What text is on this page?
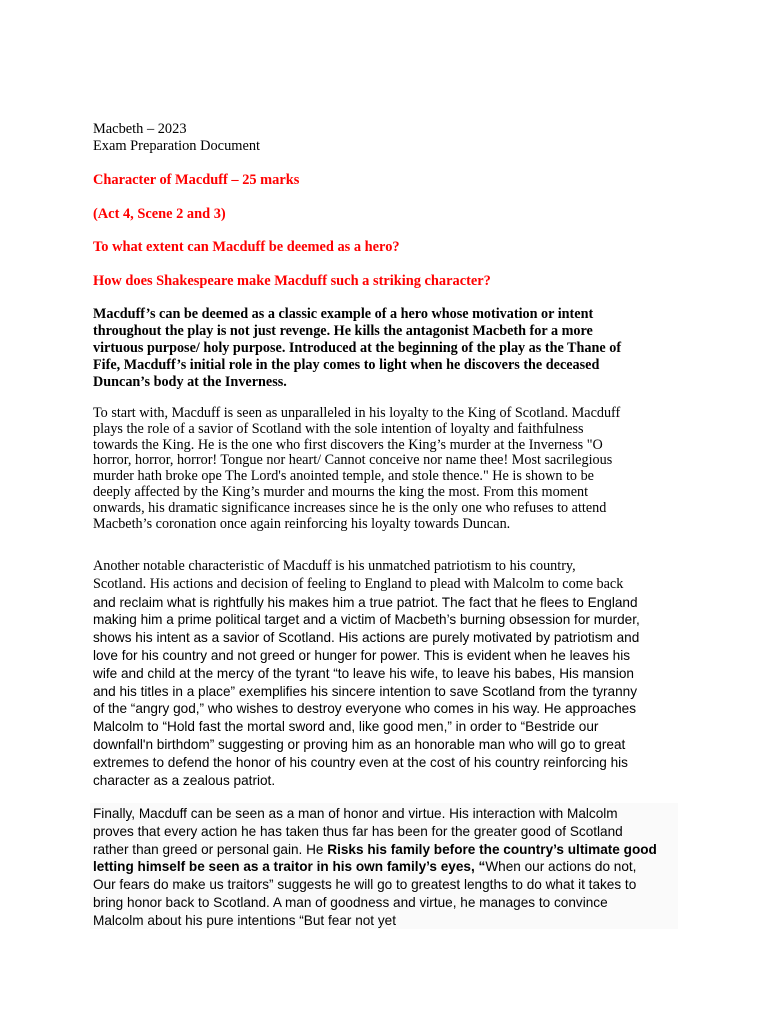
Macbeth – 2023
Exam Preparation Document
Character of Macduff – 25 marks
(Act 4, Scene 2 and 3)
To what extent can Macduff be deemed as a hero?
How does Shakespeare make Macduff such a striking character?

Macduff’s can be deemed as a classic example of a hero whose motivation or intent
throughout the play is not just revenge. He kills the antagonist Macbeth for a more
virtuous purpose/ holy purpose. Introduced at the beginning of the play as the Thane of
Fife, Macduff’s initial role in the play comes to light when he discovers the deceased
Duncan’s body at the Inverness.

To start with, Macduff is seen as unparalleled in his loyalty to the King of Scotland. Macduff
plays the role of a savior of Scotland with the sole intention of loyalty and faithfulness
towards the King. He is the one who first discovers the King’s murder at the Inverness "O
horror, horror, horror! Tongue nor heart/ Cannot conceive nor name thee! Most sacrilegious
murder hath broke ope The Lord's anointed temple, and stole thence." He is shown to be
deeply affected by the King’s murder and mourns the king the most. From this moment
onwards, his dramatic significance increases since he is the only one who refuses to attend
Macbeth’s coronation once again reinforcing his loyalty towards Duncan.

Another notable characteristic of Macduff is his unmatched patriotism to his country,
Scotland. His actions and decision of feeling to England to plead with Malcolm to come back
and reclaim what is rightfully his makes him a true patriot. The fact that he flees to England
making him a prime political target and a victim of Macbeth’s burning obsession for murder,
shows his intent as a savior of Scotland. His actions are purely motivated by patriotism and
love for his country and not greed or hunger for power. This is evident when he leaves his
wife and child at the mercy of the tyrant “to leave his wife, to leave his babes, His mansion
and his titles in a place” exemplifies his sincere intention to save Scotland from the tyranny
of the “angry god,” who wishes to destroy everyone who comes in his way. He approaches
Malcolm to “Hold fast the mortal sword and, like good men,” in order to “Bestride our
downfall'n birthdom” suggesting or proving him as an honorable man who will go to great
extremes to defend the honor of his country even at the cost of his country reinforcing his
character as a zealous patriot.

Finally, Macduff can be seen as a man of honor and virtue. His interaction with Malcolm
proves that every action he has taken thus far has been for the greater good of Scotland
rather than greed or personal gain. He Risks his family before the country’s ultimate good
letting himself be seen as a traitor in his own family’s eyes, “When our actions do not,
Our fears do make us traitors” suggests he will go to greatest lengths to do what it takes to
bring honor back to Scotland. A man of goodness and virtue, he manages to convince
Malcolm about his pure intentions “But fear not yet
